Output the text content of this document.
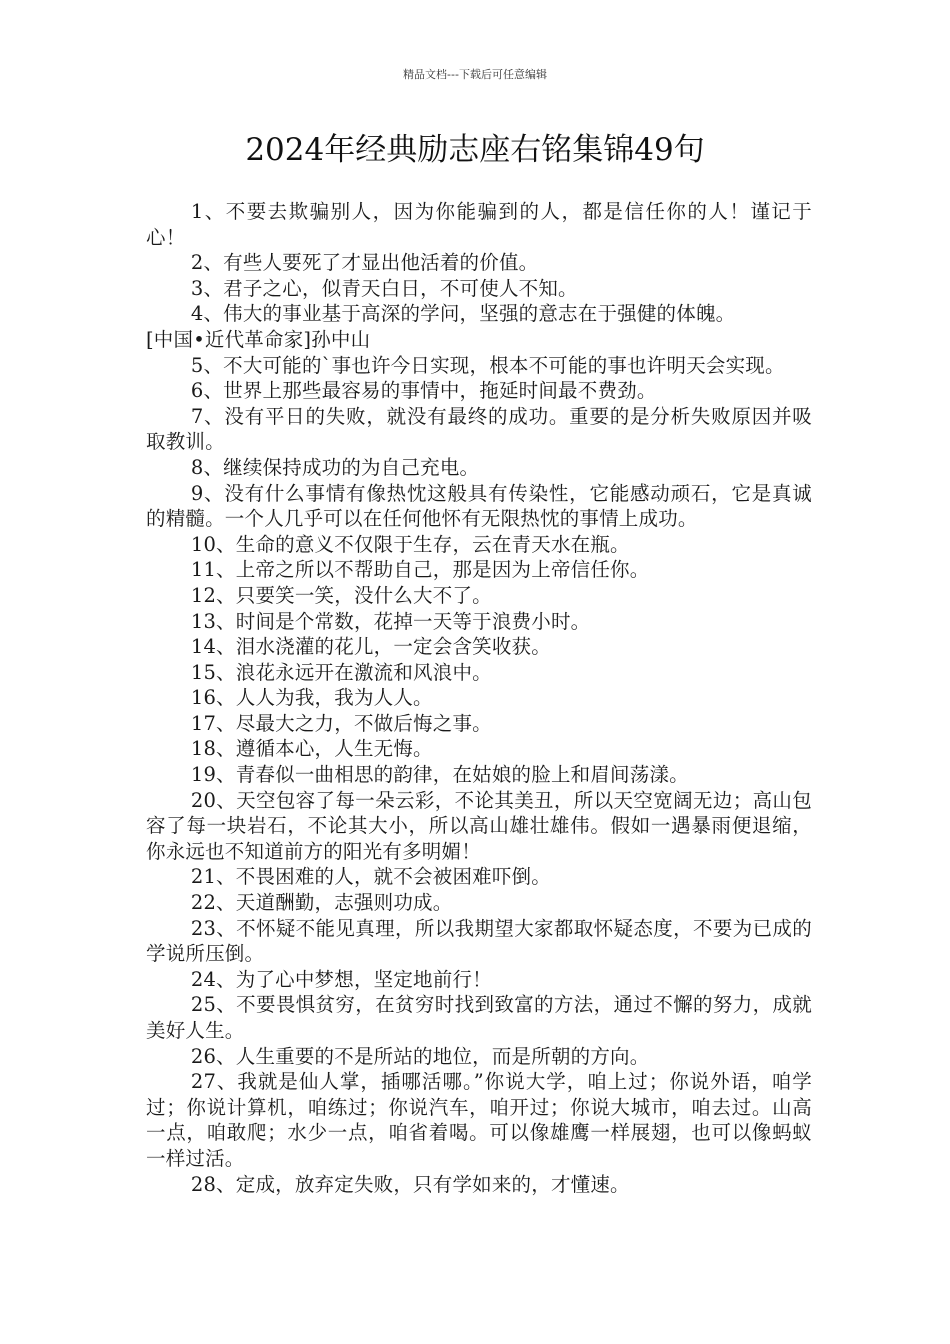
精品文档---下载后可任意编辑
2024年经典励志座右铭集锦49句

1、不要去欺骗别人，因为你能骗到的人，都是信任你的人！谨记于心！

2、有些人要死了才显出他活着的价值。

3、君子之心，似青天白日，不可使人不知。

4、伟大的事业基于高深的学问，坚强的意志在于强健的体魄。

[中国•近代革命家]孙中山

5、不大可能的`事也许今日实现，根本不可能的事也许明天会实现。

6、世界上那些最容易的事情中，拖延时间最不费劲。

7、没有平日的失败，就没有最终的成功。重要的是分析失败原因并吸取教训。

8、继续保持成功的为自己充电。

9、没有什么事情有像热忱这般具有传染性，它能感动顽石，它是真诚的精髓。一个人几乎可以在任何他怀有无限热忱的事情上成功。

10、生命的意义不仅限于生存，云在青天水在瓶。

11、上帝之所以不帮助自己，那是因为上帝信任你。

12、只要笑一笑，没什么大不了。

13、时间是个常数，花掉一天等于浪费小时。

14、泪水浇灌的花儿，一定会含笑收获。

15、浪花永远开在激流和风浪中。

16、人人为我，我为人人。

17、尽最大之力，不做后悔之事。

18、遵循本心，人生无悔。

19、青春似一曲相思的韵律，在姑娘的脸上和眉间荡漾。

20、天空包容了每一朵云彩，不论其美丑，所以天空宽阔无边；高山包容了每一块岩石，不论其大小，所以高山雄壮雄伟。假如一遇暴雨便退缩，你永远也不知道前方的阳光有多明媚！

21、不畏困难的人，就不会被困难吓倒。

22、天道酬勤，志强则功成。

23、不怀疑不能见真理，所以我期望大家都取怀疑态度，不要为已成的学说所压倒。

24、为了心中梦想，坚定地前行！

25、不要畏惧贫穷，在贫穷时找到致富的方法，通过不懈的努力，成就美好人生。

26、人生重要的不是所站的地位，而是所朝的方向。

27、我就是仙人掌，插哪活哪。”你说大学，咱上过；你说外语，咱学过；你说计算机，咱练过；你说汽车，咱开过；你说大城市，咱去过。山高一点，咱敢爬；水少一点，咱省着喝。可以像雄鹰一样展翅，也可以像蚂蚁一样过活。

28、定成，放弃定失败，只有学如来的，才懂速。
